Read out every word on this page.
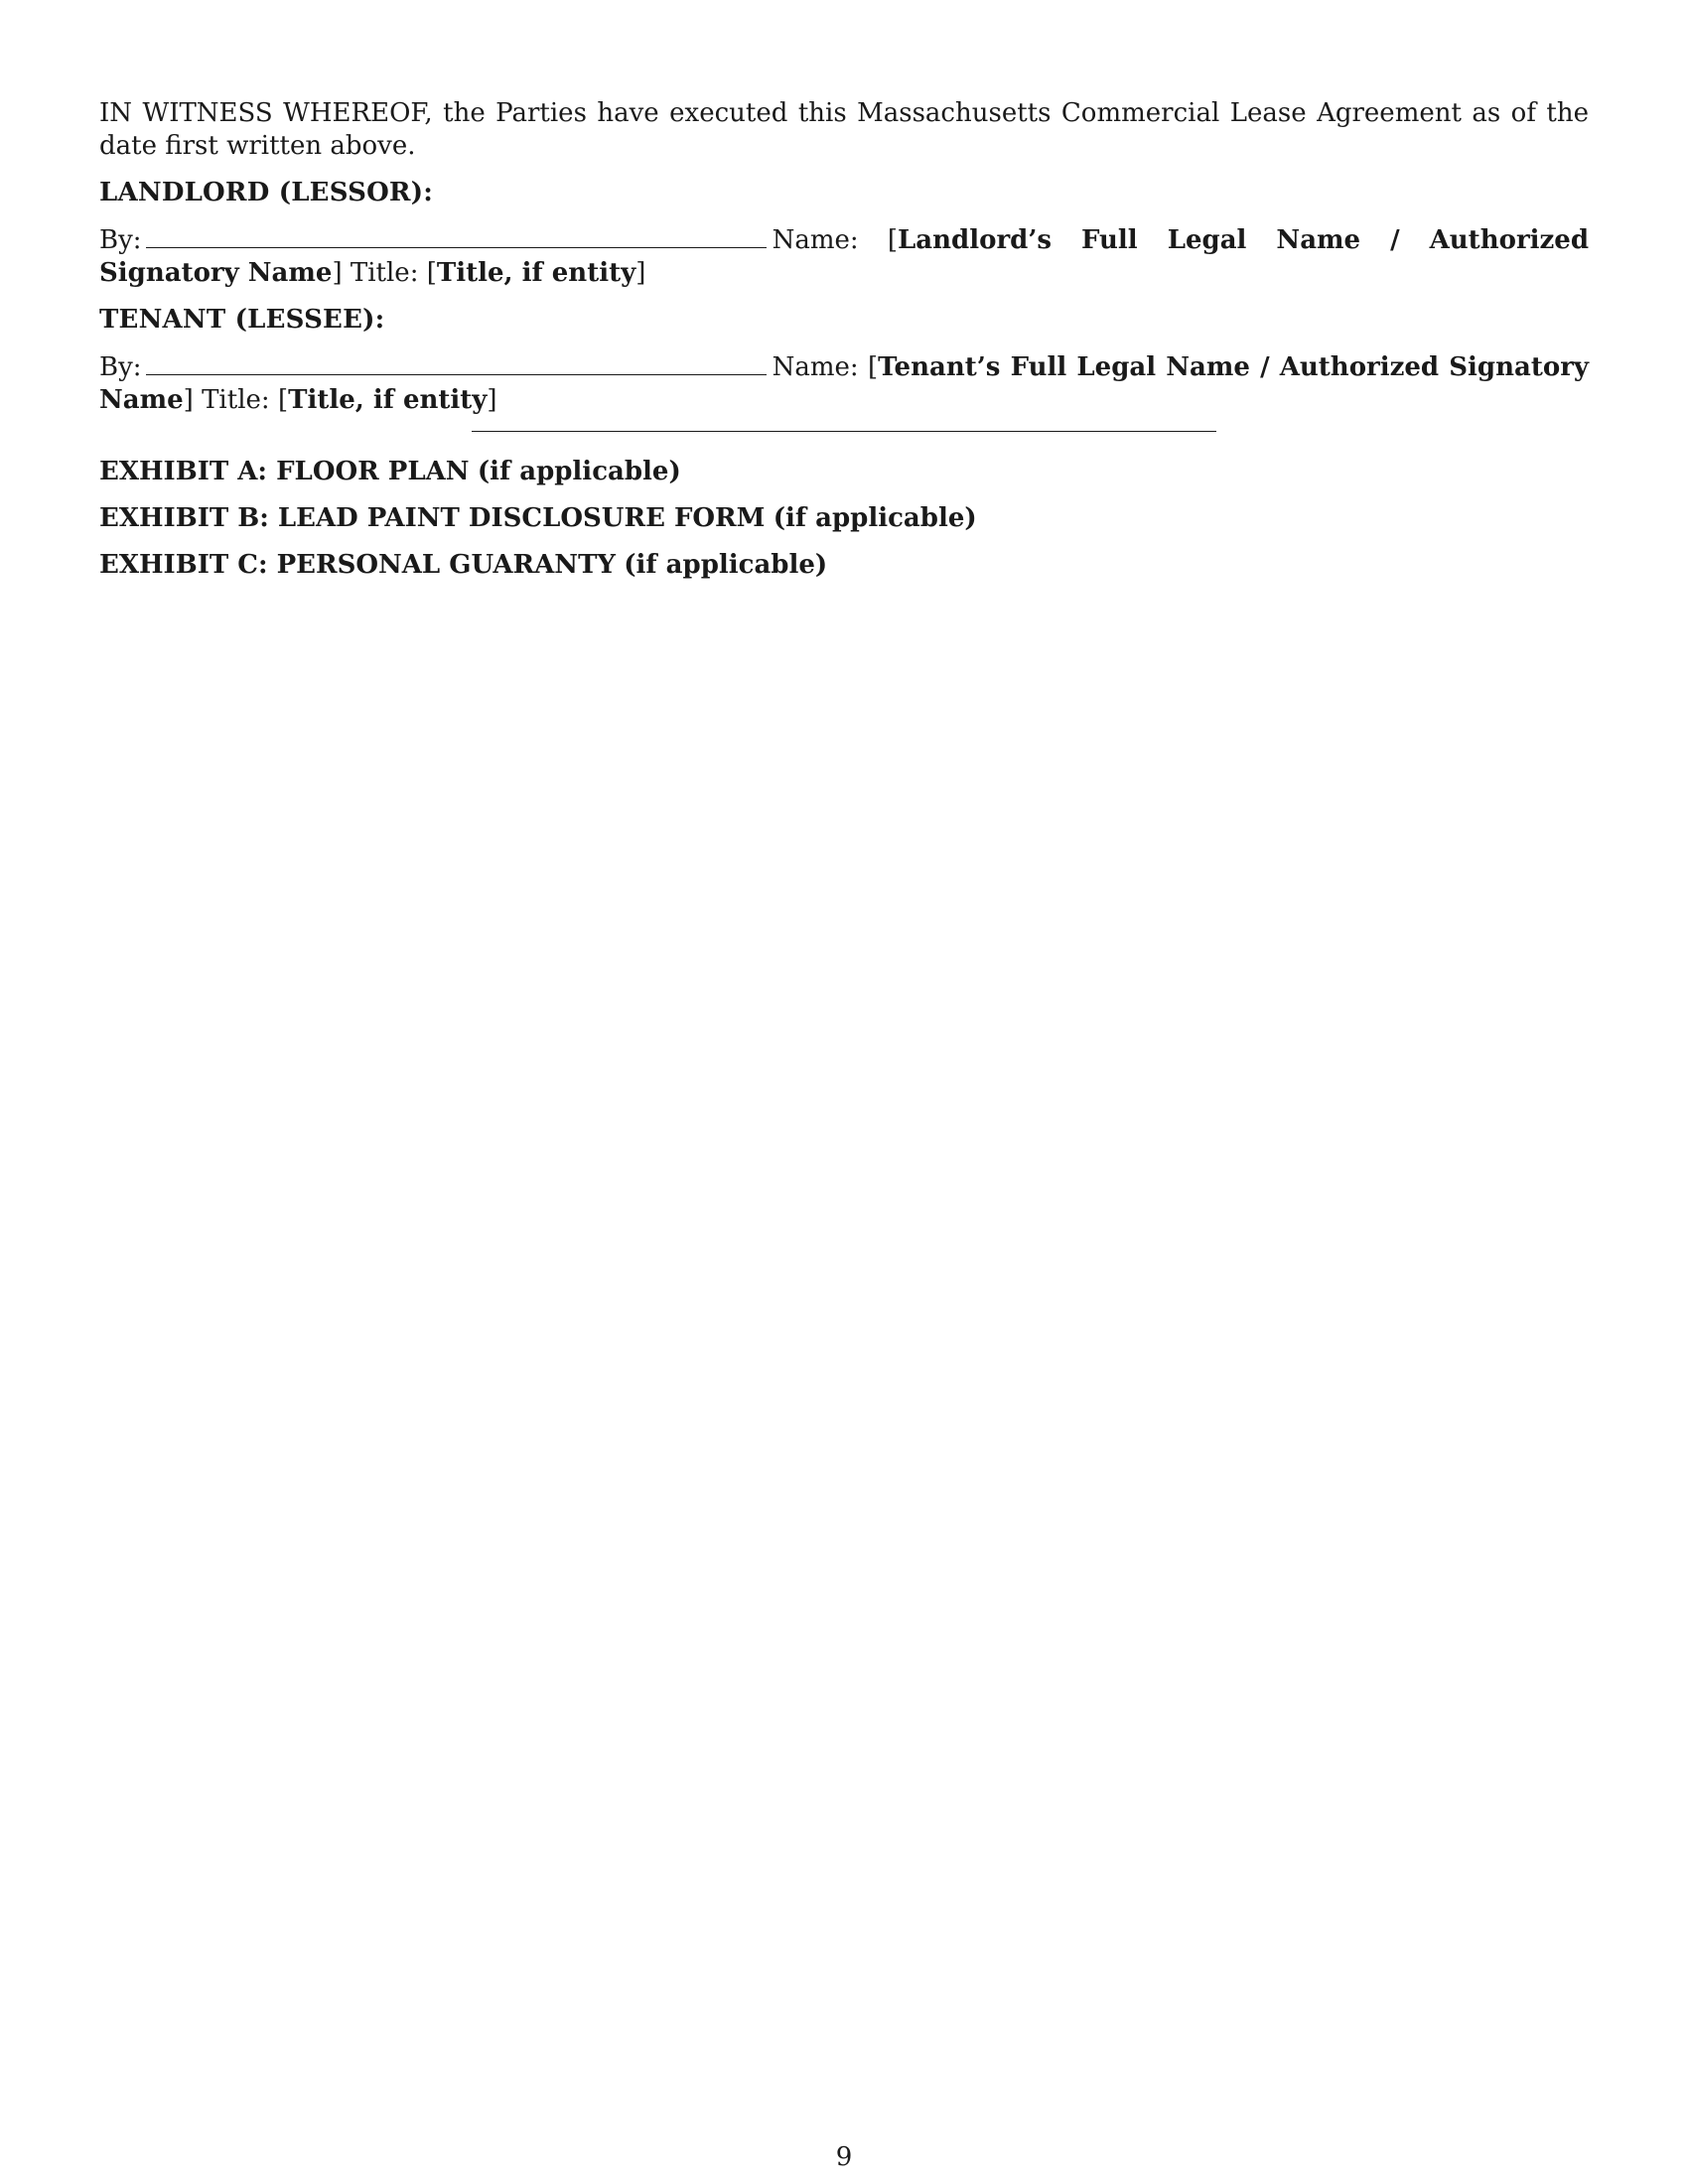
IN WITNESS WHEREOF, the Parties have executed this Massachusetts Commercial Lease Agreement as of the date first written above.

LANDLORD (LESSOR):
By:	Name: [Landlord’s Full Legal Name / Authorized Signatory Name] Title: [Title, if entity]
TENANT (LESSEE):
By:	Name: [Tenant’s Full Legal Name / Authorized Signatory Name] Title: [Title, if entity]
EXHIBIT A: FLOOR PLAN (if applicable)
EXHIBIT B: LEAD PAINT DISCLOSURE FORM (if applicable)
EXHIBIT C: PERSONAL GUARANTY (if applicable)
9
